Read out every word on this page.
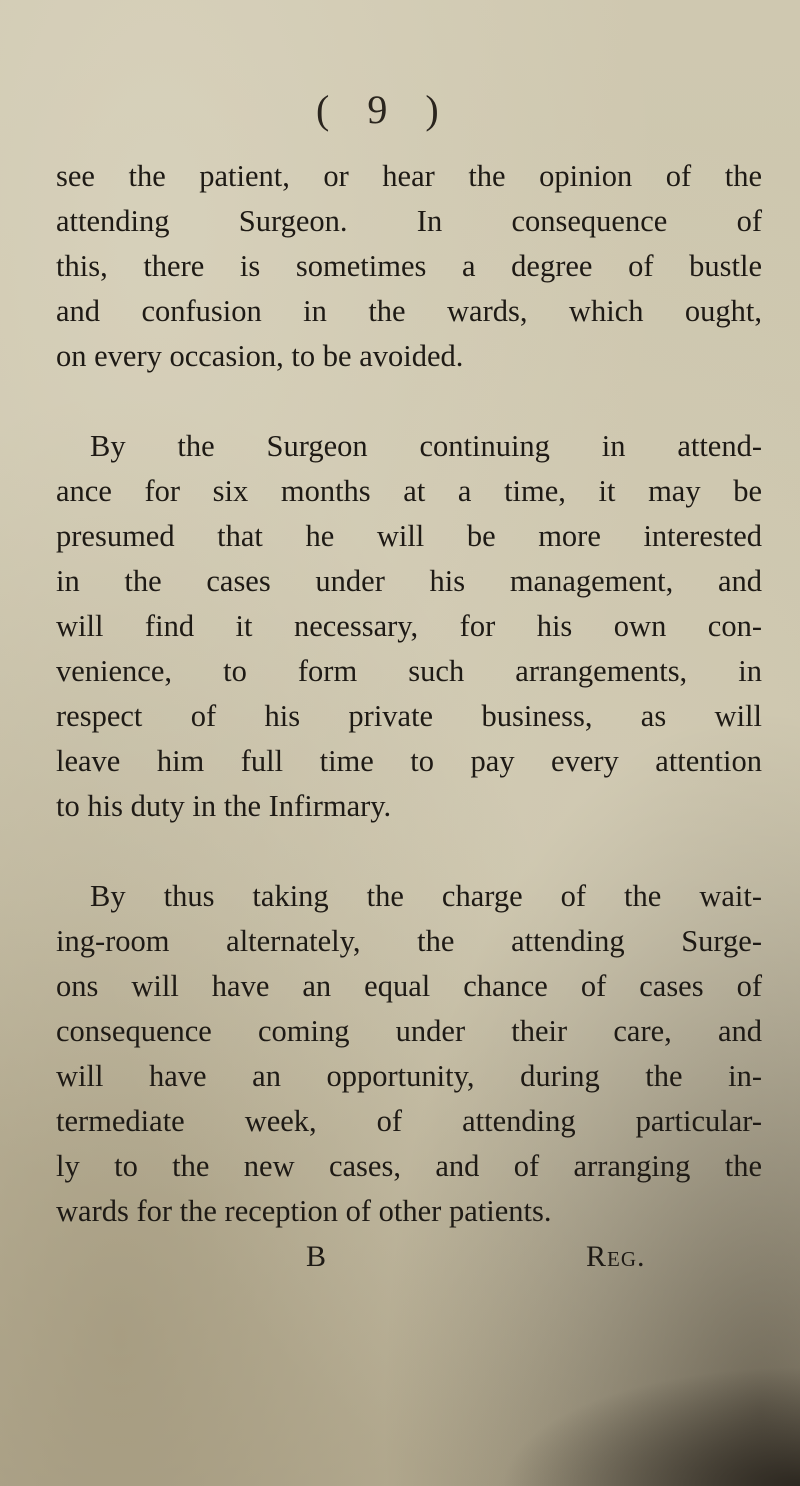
( 9 )
see the patient, or hear the opinion of the
attending Surgeon. In consequence of
this, there is sometimes a degree of bustle
and confusion in the wards, which ought,
on every occasion, to be avoided.
By the Surgeon continuing in attend-
ance for six months at a time, it may be
presumed that he will be more interested
in the cases under his management, and
will find it necessary, for his own con-
venience, to form such arrangements, in
respect of his private business, as will
leave him full time to pay every attention
to his duty in the Infirmary.
By thus taking the charge of the wait-
ing-room alternately, the attending Surge-
ons will have an equal chance of cases of
consequence coming under their care, and
will have an opportunity, during the in-
termediate week, of attending particular-
ly to the new cases, and of arranging the
wards for the reception of other patients.
B	Reg.
